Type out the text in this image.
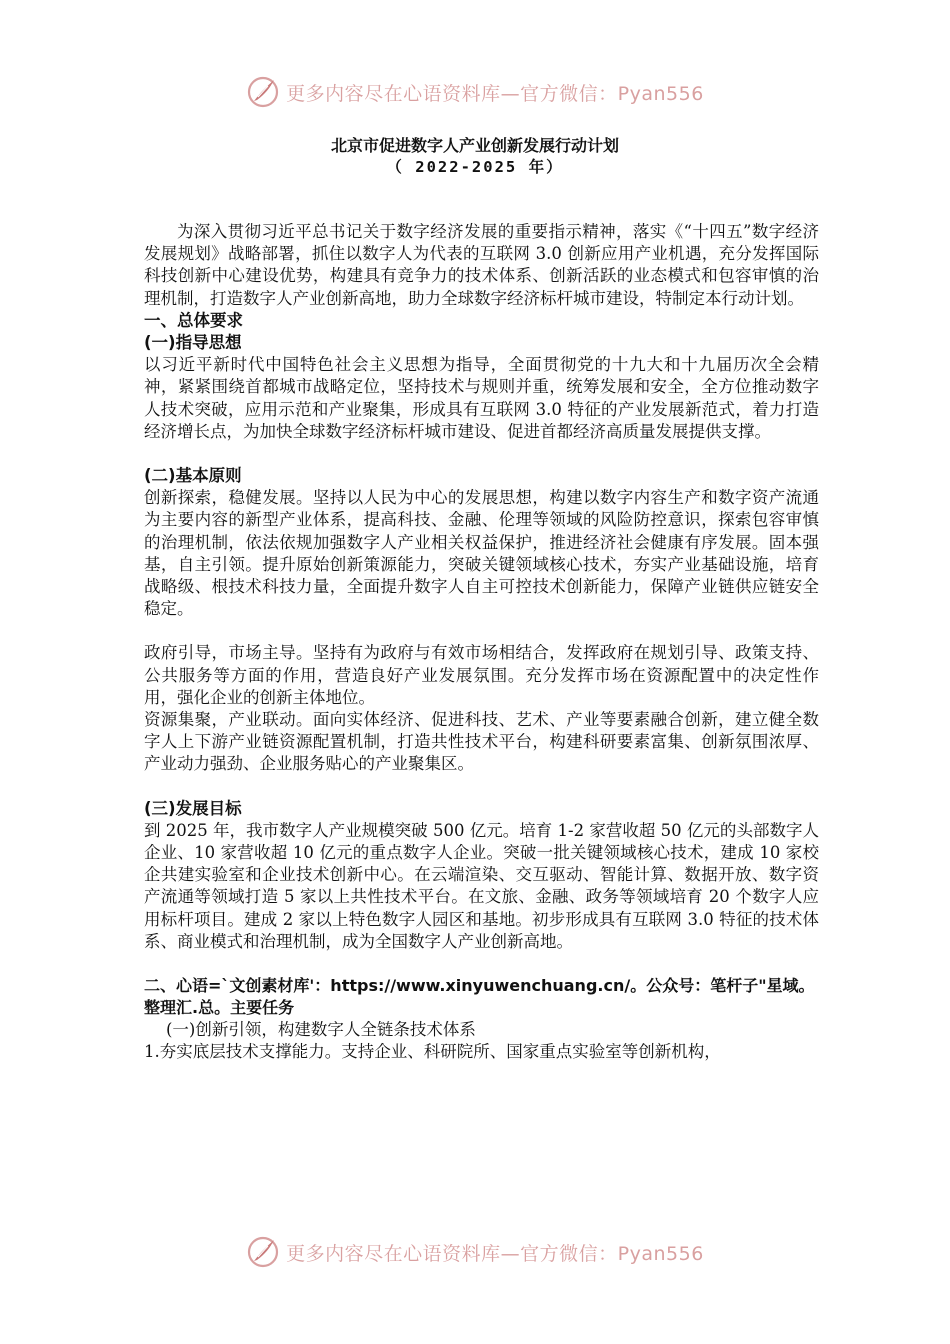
更多内容尽在心语资料库—官方微信：Pyan556
北京市促进数字人产业创新发展行动计划
（ 2022-2025 年）

为深入贯彻习近平总书记关于数字经济发展的重要指示精神，落实《“十四五”数字经济发展规划》战略部署，抓住以数字人为代表的互联网 3.0 创新应用产业机遇，充分发挥国际科技创新中心建设优势，构建具有竞争力的技术体系、创新活跃的业态模式和包容审慎的治理机制，打造数字人产业创新高地，助力全球数字经济标杆城市建设，特制定本行动计划。

一、总体要求

(一)指导思想

以习近平新时代中国特色社会主义思想为指导，全面贯彻党的十九大和十九届历次全会精神，紧紧围绕首都城市战略定位，坚持技术与规则并重，统筹发展和安全，全方位推动数字人技术突破，应用示范和产业聚集，形成具有互联网 3.0 特征的产业发展新范式，着力打造经济增长点，为加快全球数字经济标杆城市建设、促进首都经济高质量发展提供支撑。

(二)基本原则

创新探索，稳健发展。坚持以人民为中心的发展思想，构建以数字内容生产和数字资产流通为主要内容的新型产业体系，提高科技、金融、伦理等领域的风险防控意识，探索包容审慎的治理机制，依法依规加强数字人产业相关权益保护，推进经济社会健康有序发展。固本强基，自主引领。提升原始创新策源能力，突破关键领域核心技术，夯实产业基础设施，培育战略级、根技术科技力量，全面提升数字人自主可控技术创新能力，保障产业链供应链安全稳定。

政府引导，市场主导。坚持有为政府与有效市场相结合，发挥政府在规划引导、政策支持、公共服务等方面的作用，营造良好产业发展氛围。充分发挥市场在资源配置中的决定性作用，强化企业的创新主体地位。

资源集聚，产业联动。面向实体经济、促进科技、艺术、产业等要素融合创新，建立健全数字人上下游产业链资源配置机制，打造共性技术平台，构建科研要素富集、创新氛围浓厚、产业动力强劲、企业服务贴心的产业聚集区。

(三)发展目标

到 2025 年，我市数字人产业规模突破 500 亿元。培育 1-2 家营收超 50 亿元的头部数字人企业、10 家营收超 10 亿元的重点数字人企业。突破一批关键领域核心技术，建成 10 家校企共建实验室和企业技术创新中心。在云端渲染、交互驱动、智能计算、数据开放、数字资产流通等领域打造 5 家以上共性技术平台。在文旅、金融、政务等领域培育 20 个数字人应用标杆项目。建成 2 家以上特色数字人园区和基地。初步形成具有互联网 3.0 特征的技术体系、商业模式和治理机制，成为全国数字人产业创新高地。

二、心语=`文创素材库'：https://www.xinyuwenchuang.cn/。公众号：笔杆子"星域。整理汇.总。主要任务

(一)创新引领，构建数字人全链条技术体系

1.夯实底层技术支撑能力。支持企业、科研院所、国家重点实验室等创新机构，

更多内容尽在心语资料库—官方微信：Pyan556
